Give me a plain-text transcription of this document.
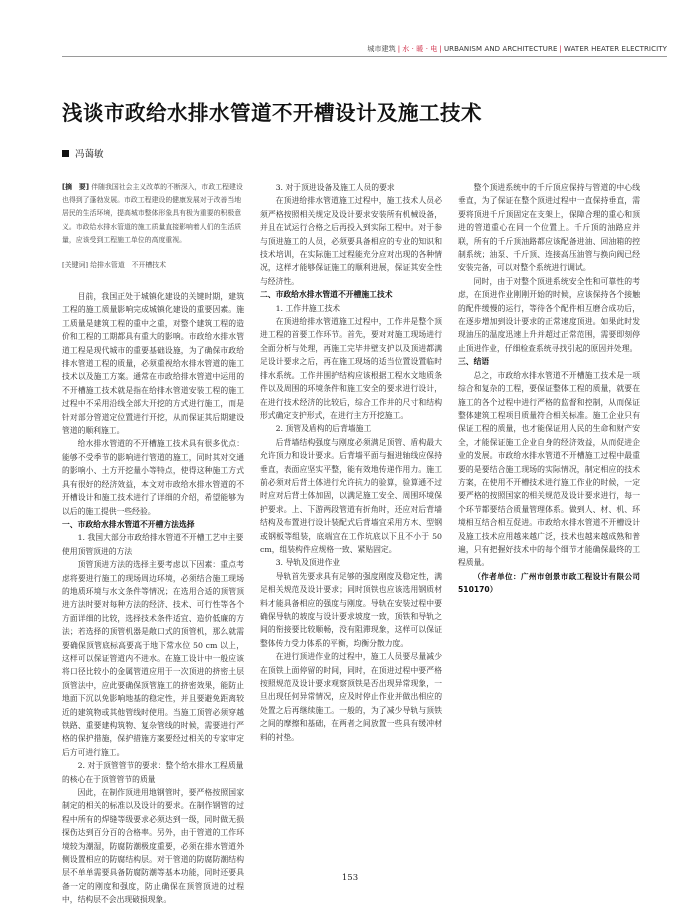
城市建筑 | 水 · 暖 · 电 | URBANISM AND ARCHITECTURE | WATER HEATER ELECTRICITY
浅谈市政给水排水管道不开槽设计及施工技术
冯蔼敏
[摘　要] 伴随我国社会主义改革的不断深入，市政工程建设也得到了蓬勃发展。市政工程建设的健康发展对于改善当地居民的生活环境，提高城市整体形象具有极为重要的积极意义。市政给水排水管道的施工质量直接影响着人们的生活质量，应该受到工程施工单位的高度重视。
[关键词] 给排水管道　不开槽技术

目前，我国正处于城镇化建设的关键时期，建筑工程的施工质量影响完成城镇化建设的重要因素。施工质量是建筑工程的重中之重，对整个建筑工程的造价和工程的工期都具有重大的影响。市政给水排水管道工程是现代城市的重要基础设施，为了确保市政给排水管道工程的质量，必须重视给水排水管道的施工技术以及施工方案。通常在市政给排水管道中运用的不开槽施工技术就是指在给排水管道安装工程的施工过程中不采用沿线全部大开挖的方式进行施工，而是针对部分管道定位置进行开挖，从而保证其后期建设管道的顺利施工。

给水排水管道的不开槽施工技术具有很多优点：能够不受季节的影响进行管道的施工，同时其对交通的影响小、土方开挖量小等特点，使得这种施工方式具有很好的经济效益，本文对市政给水排水管道的不开槽设计和施工技术进行了详细的介绍，希望能够为以后的施工提供一些经验。

一、市政给水排水管道不开槽方法选择
1. 我国大部分市政给排水管道不开槽工艺中主要使用顶管顶进的方法

顶管顶进方法的选择主要考虑以下因素：重点考虑将要进行施工的现场周边环境，必须结合施工现场的地质环境与水文条件等情况；在选用合适的顶管顶进方法时要对每种方法的经济、技术、可行性等各个方面详细的比较，选择技术条件适宜、造价低廉的方法；若选择的顶管机器是敞口式的顶管机，那么就需要确保顶管底标高要高于地下常水位 50 cm 以上，这样可以保证管道内不进水。在施工设计中一般应该将口径比较小的金属管道应用于一次顶进的挤密土层顶管法中，应此要确保顶管施工的挤密效果，能防止地面下沉以免影响地基的稳定性，并且要避免距离较近的建筑物或其他管线时使用。当施工顶管必须穿越铁路、重要建构筑物、复杂管线的时候，需要进行严格的保护措施，保护措施方案要经过相关的专家审定后方可进行施工。

2. 对于顶管管节的要求：整个给水排水工程质量的核心在于顶管管节的质量

因此，在制作顶进用地钢管时，要严格按照国家制定的相关的标准以及设计的要求。在制作钢管的过程中所有的焊缝等级要求必须达到一级，同时做无损探伤达到百分百的合格率。另外，由于管道的工作环境较为潮湿，防腐防潮极度重要，必须在排水管道外侧设置相应的防腐结构层。对于管道的防腐防潮结构层不单单需要具备防腐防潮等基本功能，同时还要具备一定的刚度和强度，防止确保在顶管顶进的过程中，结构层不会出现破损现象。

3. 对于顶进设备及施工人员的要求

在顶进给排水管道施工过程中，施工技术人员必须严格按照相关规定及设计要求安装所有机械设备，并且在试运行合格之后再投入到实际工程中。对于参与顶进施工的人员，必须要具备相应的专业的知识和技术培训，在实际施工过程能充分应对出现的各种情况，这样才能够保证施工的顺利进展，保证其安全性与经济性。

二、市政给水排水管道不开槽施工技术
1. 工作井施工技术

在顶进给排水管道施工过程中，工作井是整个顶进工程的首要工作环节。首先，要对对施工现场进行全面分析与处理，再施工完毕井壁支护以及顶进都满足设计要求之后，再在施工现场的适当位置设置临时排水系统。工作井围护结构应该根据工程水文地质条件以及周围的环境条件和施工安全的要求进行设计，在进行技术经济的比较后，综合工作井的尺寸和结构形式确定支护形式，在进行主方开挖施工。

2. 顶管及盾构的后背墙施工

后背墙结构强度与刚度必须满足顶管、盾构最大允许顶力和设计要求。后背墙平面与掘进轴线应保持垂直，表面应坚实平整，能有效地传递作用力。施工前必须对后背土体进行允许抗力的验算，验算通不过时应对后背土体加固，以满足施工安全、周围环境保护要求。上、下游两段管道有折角时，还应对后背墙结构及布置进行设计装配式后背墙宜采用方木、型钢或钢板等组装，底端宜在工作坑底以下且不小于 50 cm，组装构件应规格一致、紧贴固定。

3. 导轨及顶进作业

导轨首先要求具有足够的强度刚度及稳定性，满足相关规范及设计要求；同时顶铁也应该选用钢质材料才能具备相应的强度与刚度。导轨在安装过程中要确保导轨的坡度与设计要求坡度一致，顶铁和导轨之间的衔接要比较顺畅，没有阻滞现象，这样可以保证整体传力受力体系的平衡，均衡分散力度。

在进行顶进作业的过程中，施工人员要尽量减少在顶铁上面停留的时间，同时，在顶进过程中要严格按照规范及设计要求观察顶铁是否出现异常现象，一旦出现任何异常情况，应及时停止作业并做出相应的处置之后再继续施工。一般的，为了减少导轨与顶铁之间的摩擦和基础，在两者之间放置一些具有缓冲材料的衬垫。

整个顶进系统中的千斤顶应保持与管道的中心线垂直，为了保证在整个顶进过程中一直保持垂直，需要将顶进千斤顶固定在支架上，保障合理的重心和顶进的管道重心在同一个位置上。千斤顶的油路应并联，所有的千斤顶油路都应该配备进油、回油箱的控制系统；油泵、千斤顶、连接高压油管与换向阀已经安装完备，可以对整个系统进行调试。

同时，由于对整个顶进系统安全性和可靠性的考虑，在顶进作业刚刚开始的时候，应该保持各个接触的配件缓慢的运行，等待各个配件相互磨合成功后，在逐步增加到设计要求的正常速度顶进。如果此时发现油压的温度迅速上升并超过正常范围，需要即刻停止顶进作业，仔细检查系统寻找引起的原因并处理。

三、结语

总之，市政给水排水管道不开槽施工技术是一项综合和复杂的工程，要保证整体工程的质量，就要在施工的各个过程中进行严格的监督和控制，从而保证整体建筑工程项目质量符合相关标准。施工企业只有保证工程的质量，也才能保证用人民的生命和财产安全，才能保证施工企业自身的经济效益，从而促进企业的发展。市政给水排水管道不开槽施工过程中最重要的是要结合施工现场的实际情况，制定相应的技术方案，在使用不开槽技术进行施工作业的时候，一定要严格的按照国家的相关规范及设计要求进行，每一个环节都要结合质量管理体系。做到人、材、机、环境相互结合相互促进。市政给水排水管道不开槽设计及施工技术应用越来越广泛，技术也越来越成熟和普遍，只有把握好技术中的每个细节才能确保最终的工程质量。

（作者单位：广州市创景市政工程设计有限公司 510170）

153
